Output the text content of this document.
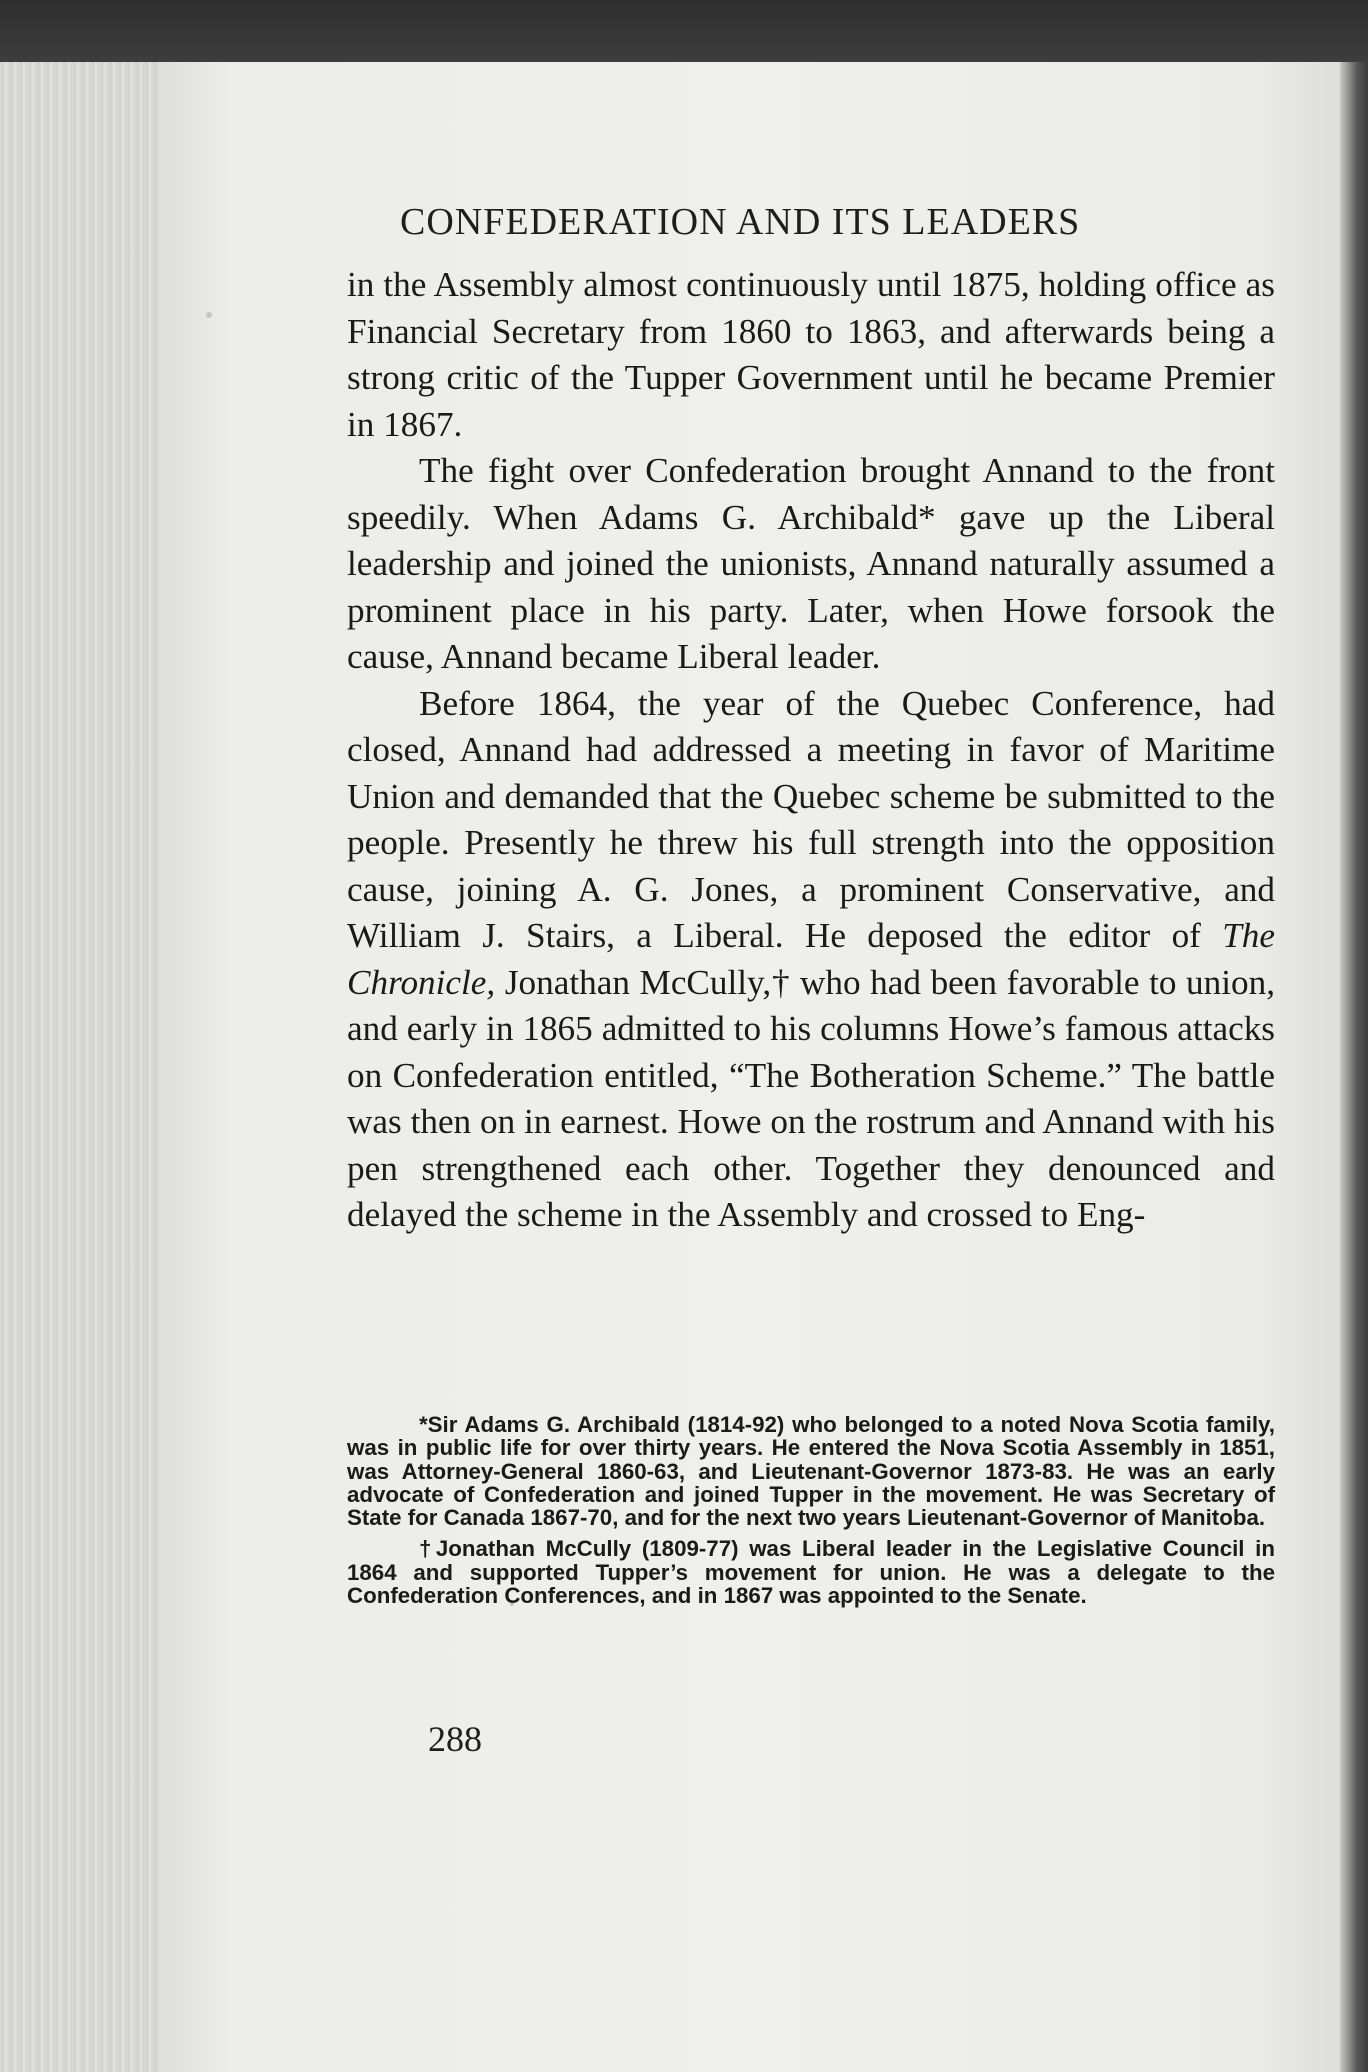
CONFEDERATION AND ITS LEADERS

in the Assembly almost continuously until 1875, holding office as Financial Secretary from 1860 to 1863, and afterwards being a strong critic of the Tupper Government until he became Premier in 1867.

The fight over Confederation brought Annand to the front speedily. When Adams G. Archibald* gave up the Liberal leadership and joined the unionists, Annand naturally assumed a prominent place in his party. Later, when Howe forsook the cause, Annand became Liberal leader.

Before 1864, the year of the Quebec Conference, had closed, Annand had addressed a meeting in favor of Maritime Union and demanded that the Quebec scheme be submitted to the people. Presently he threw his full strength into the opposition cause, joining A. G. Jones, a prominent Conservative, and William J. Stairs, a Liberal. He deposed the editor of The Chronicle, Jonathan McCully,† who had been favorable to union, and early in 1865 admitted to his columns Howe’s famous attacks on Confederation entitled, “The Botheration Scheme.” The battle was then on in earnest. Howe on the rostrum and Annand with his pen strengthened each other. Together they denounced and delayed the scheme in the Assembly and crossed to Eng-

*Sir Adams G. Archibald (1814-92) who belonged to a noted Nova Scotia family, was in public life for over thirty years. He entered the Nova Scotia Assembly in 1851, was Attorney-General 1860-63, and Lieutenant-Governor 1873-83. He was an early advocate of Confederation and joined Tupper in the movement. He was Secretary of State for Canada 1867-70, and for the next two years Lieutenant-Governor of Manitoba.

†Jonathan McCully (1809-77) was Liberal leader in the Legislative Council in 1864 and supported Tupper’s movement for union. He was a delegate to the Confederation Conferences, and in 1867 was appointed to the Senate.

288
